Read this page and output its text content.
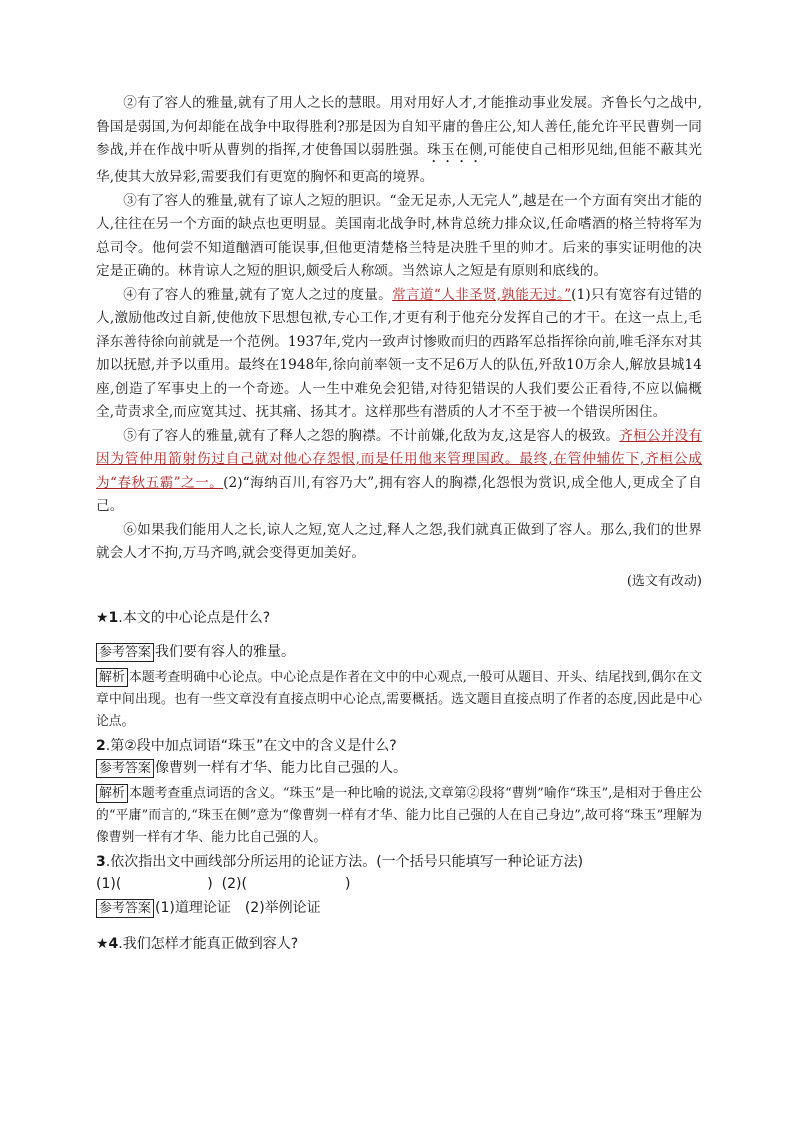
②有了容人的雅量,就有了用人之长的慧眼。用对用好人才,才能推动事业发展。齐鲁长勺之战中,鲁国是弱国,为何却能在战争中取得胜利?那是因为自知平庸的鲁庄公,知人善任,能允许平民曹刿一同参战,并在作战中听从曹刿的指挥,才使鲁国以弱胜强。珠玉在侧,可能使自己相形见绌,但能不蔽其光华,使其大放异彩,需要我们有更宽的胸怀和更高的境界。

③有了容人的雅量,就有了谅人之短的胆识。“金无足赤,人无完人”,越是在一个方面有突出才能的人,往往在另一个方面的缺点也更明显。美国南北战争时,林肯总统力排众议,任命嗜酒的格兰特将军为总司令。他何尝不知道酗酒可能误事,但他更清楚格兰特是决胜千里的帅才。后来的事实证明他的决定是正确的。林肯谅人之短的胆识,颇受后人称颂。当然谅人之短是有原则和底线的。

④有了容人的雅量,就有了宽人之过的度量。常言道“人非圣贤,孰能无过。”(1)只有宽容有过错的人,激励他改过自新,使他放下思想包袱,专心工作,才更有利于他充分发挥自己的才干。在这一点上,毛泽东善待徐向前就是一个范例。1937年,党内一致声讨惨败而归的西路军总指挥徐向前,唯毛泽东对其加以抚慰,并予以重用。最终在1948年,徐向前率领一支不足6万人的队伍,歼敌10万余人,解放县城14座,创造了军事史上的一个奇迹。人一生中难免会犯错,对待犯错误的人我们要公正看待,不应以偏概全,苛责求全,而应宽其过、抚其痛、扬其才。这样那些有潜质的人才不至于被一个错误所困住。

⑤有了容人的雅量,就有了释人之怨的胸襟。不计前嫌,化敌为友,这是容人的极致。齐桓公并没有因为管仲用箭射伤过自己就对他心存怨恨,而是任用他来管理国政。最终,在管仲辅佐下,齐桓公成为“春秋五霸”之一。(2)“海纳百川,有容乃大”,拥有容人的胸襟,化怨恨为赏识,成全他人,更成全了自己。

⑥如果我们能用人之长,谅人之短,宽人之过,释人之怨,我们就真正做到了容人。那么,我们的世界就会人才不拘,万马齐鸣,就会变得更加美好。

(选文有改动)

★1.本文的中心论点是什么?

参考答案 我们要有容人的雅量。

解析 本题考查明确中心论点。中心论点是作者在文中的中心观点,一般可从题目、开头、结尾找到,偶尔在文章中间出现。也有一些文章没有直接点明中心论点,需要概括。选文题目直接点明了作者的态度,因此是中心论点。

2.第②段中加点词语“珠玉”在文中的含义是什么?

参考答案 像曹刿一样有才华、能力比自己强的人。

解析 本题考查重点词语的含义。“珠玉”是一种比喻的说法,文章第②段将“曹刿”喻作“珠玉”,是相对于鲁庄公的“平庸”而言的,“珠玉在侧”意为“像曹刿一样有才华、能力比自己强的人在自己身边”,故可将“珠玉”理解为像曹刿一样有才华、能力比自己强的人。

3.依次指出文中画线部分所运用的论证方法。(一个括号只能填写一种论证方法)

(1)(	) (2)(	)

参考答案 (1)道理论证　(2)举例论证

★4.我们怎样才能真正做到容人?
